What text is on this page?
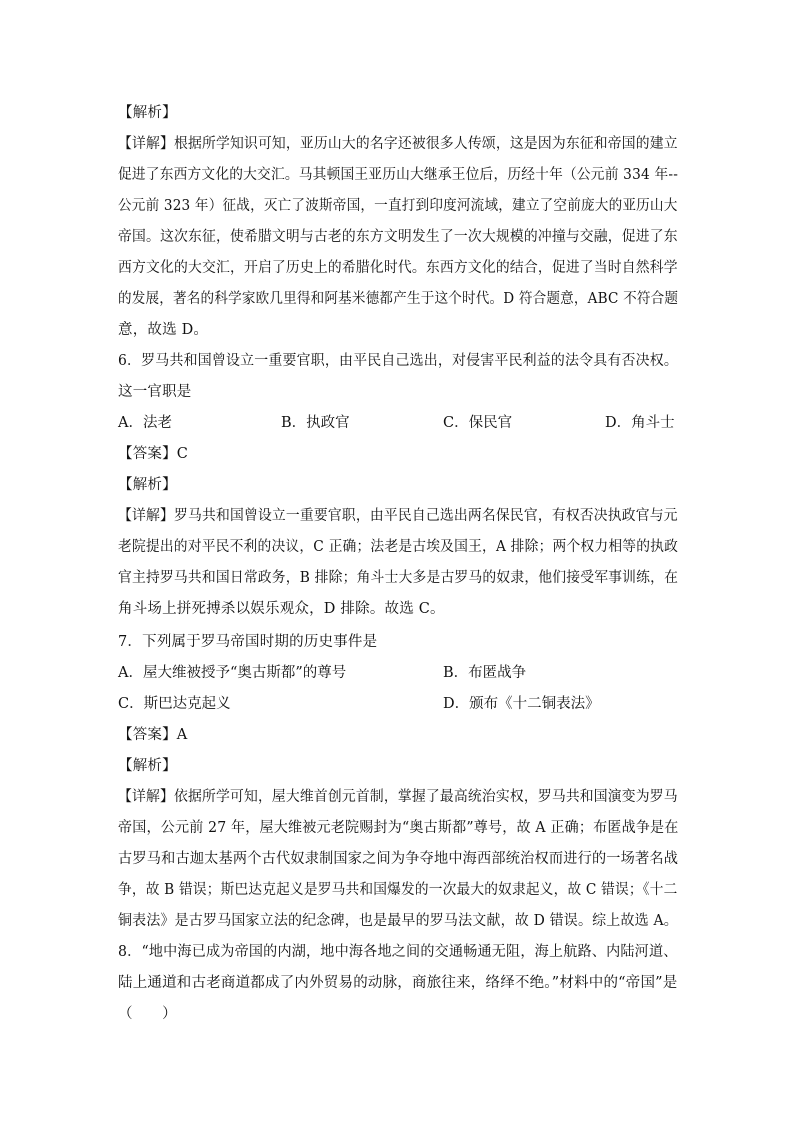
【解析】
【详解】根据所学知识可知，亚历山大的名字还被很多人传颂，这是因为东征和帝国的建立
促进了东西方文化的大交汇。马其顿国王亚历山大继承王位后，历经十年（公元前 334 年--
公元前 323 年）征战，灭亡了波斯帝国，一直打到印度河流域，建立了空前庞大的亚历山大
帝国。这次东征，使希腊文明与古老的东方文明发生了一次大规模的冲撞与交融，促进了东
西方文化的大交汇，开启了历史上的希腊化时代。东西方文化的结合，促进了当时自然科学
的发展，著名的科学家欧几里得和阿基米德都产生于这个时代。D 符合题意，ABC 不符合题
意，故选 D。
6．罗马共和国曾设立一重要官职，由平民自己选出，对侵害平民利益的法令具有否决权。
这一官职是
A．法老	B．执政官	C．保民官	D．角斗士
【答案】C
【解析】
【详解】罗马共和国曾设立一重要官职，由平民自己选出两名保民官，有权否决执政官与元
老院提出的对平民不利的决议，C 正确；法老是古埃及国王，A 排除；两个权力相等的执政
官主持罗马共和国日常政务，B 排除；角斗士大多是古罗马的奴隶，他们接受军事训练，在
角斗场上拼死搏杀以娱乐观众，D 排除。故选 C。
7．下列属于罗马帝国时期的历史事件是
A．屋大维被授予“奥古斯都”的尊号	B．布匿战争
C．斯巴达克起义	D．颁布《十二铜表法》
【答案】A
【解析】
【详解】依据所学可知，屋大维首创元首制，掌握了最高统治实权，罗马共和国演变为罗马
帝国，公元前 27 年，屋大维被元老院赐封为“奥古斯都”尊号，故 A 正确；布匿战争是在
古罗马和古迦太基两个古代奴隶制国家之间为争夺地中海西部统治权而进行的一场著名战
争，故 B 错误；斯巴达克起义是罗马共和国爆发的一次最大的奴隶起义，故 C 错误；《十二
铜表法》是古罗马国家立法的纪念碑，也是最早的罗马法文献，故 D 错误。综上故选 A。
8．“地中海已成为帝国的内湖，地中海各地之间的交通畅通无阻，海上航路、内陆河道、
陆上通道和古老商道都成了内外贸易的动脉，商旅往来，络绎不绝。”材料中的“帝国”是
（　　）
